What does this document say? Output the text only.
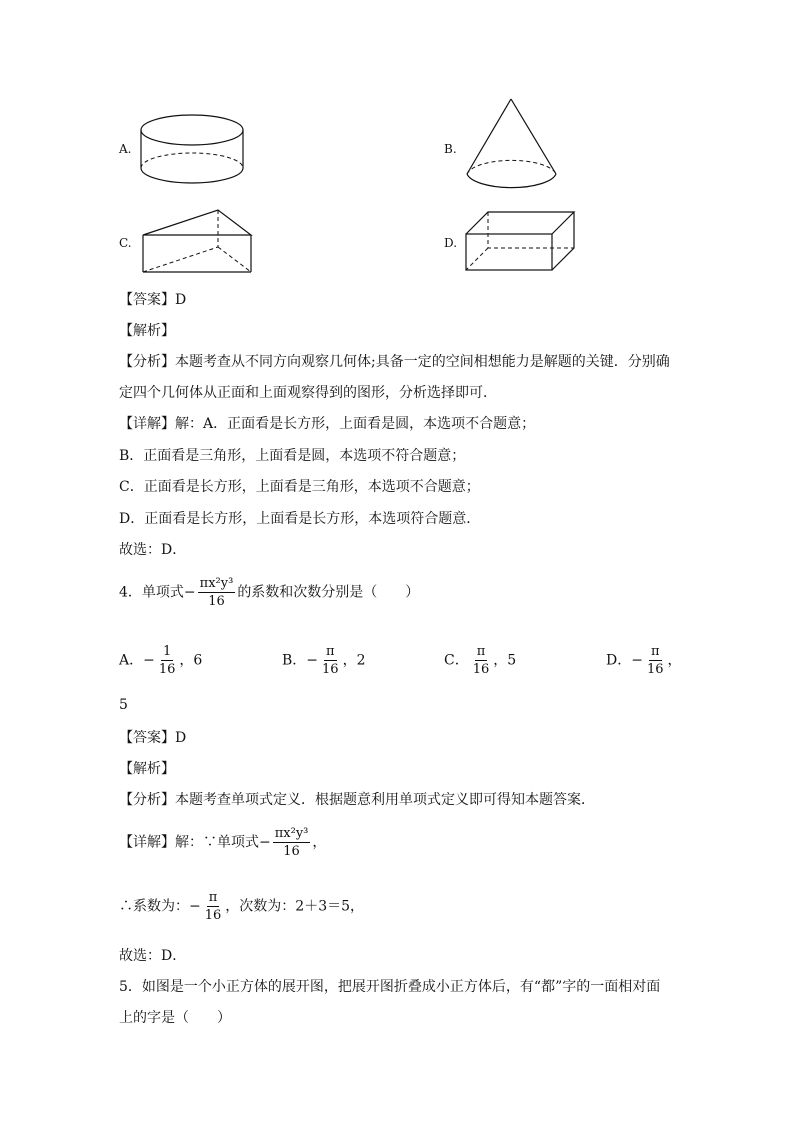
A.	B.
C.	D.
【答案】D
【解析】
【分析】本题考查从不同方向观察几何体;具备一定的空间相想能力是解题的关键．分别确
定四个几何体从正面和上面观察得到的图形，分析选择即可．
【详解】解：A．正面看是长方形，上面看是圆，本选项不合题意；
B．正面看是三角形，上面看是圆，本选项不符合题意；
C．正面看是长方形，上面看是三角形，本选项不合题意；
D．正面看是长方形，上面看是长方形，本选项符合题意．
故选：D．
4．单项式− $\frac{\text{πx²y³}}{16}$ 的系数和次数分别是（　　）
A．− $\frac{1}{16}$ ，6	B．− $\frac{\pi}{16}$ ，2	C． $\frac{\pi}{16}$ ，5	D．− $\frac{\pi}{16}$ ，
5
【答案】D
【解析】
【分析】本题考查单项式定义．根据题意利用单项式定义即可得知本题答案．
【详解】解：∵单项式− $\frac{\text{πx²y³}}{16}$ ，
∴系数为：− $\frac{\pi}{16}$ ，次数为：2＋3＝5，
故选：D．
5．如图是一个小正方体的展开图，把展开图折叠成小正方体后，有“都”字的一面相对面
上的字是（　　）
